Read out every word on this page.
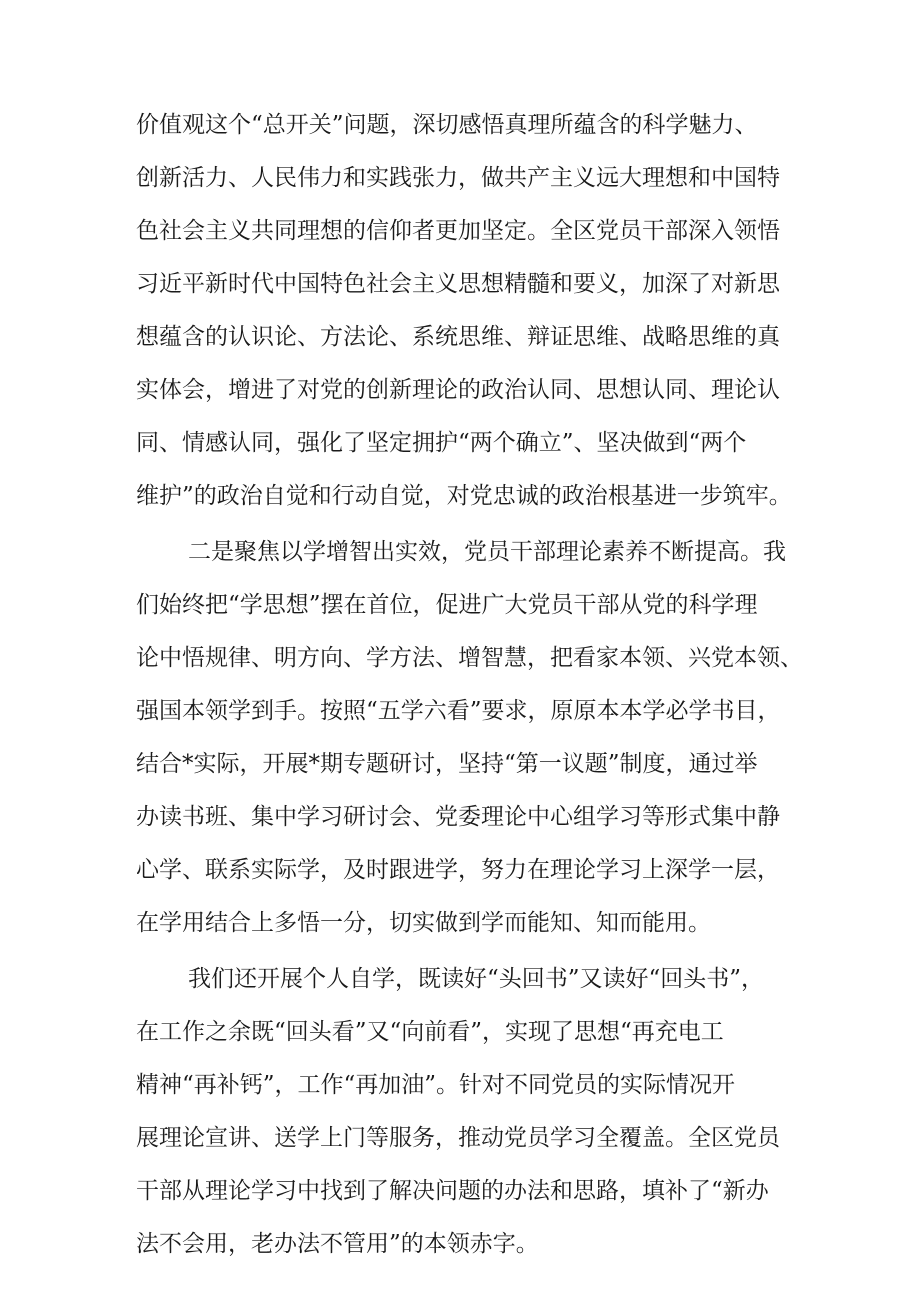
价值观这个“总开关”问题，深切感悟真理所蕴含的科学魅力、
创新活力、人民伟力和实践张力，做共产主义远大理想和中国特
色社会主义共同理想的信仰者更加坚定。全区党员干部深入领悟
习近平新时代中国特色社会主义思想精髓和要义，加深了对新思
想蕴含的认识论、方法论、系统思维、辩证思维、战略思维的真
实体会，增进了对党的创新理论的政治认同、思想认同、理论认
同、情感认同，强化了坚定拥护“两个确立”、坚决做到“两个
维护”的政治自觉和行动自觉，对党忠诚的政治根基进一步筑牢。
二是聚焦以学增智出实效，党员干部理论素养不断提高。我
们始终把“学思想”摆在首位，促进广大党员干部从党的科学理
论中悟规律、明方向、学方法、增智慧，把看家本领、兴党本领、
强国本领学到手。按照“五学六看”要求，原原本本学必学书目，
结合*实际，开展*期专题研讨，坚持“第一议题”制度，通过举
办读书班、集中学习研讨会、党委理论中心组学习等形式集中静
心学、联系实际学，及时跟进学，努力在理论学习上深学一层，
在学用结合上多悟一分，切实做到学而能知、知而能用。
我们还开展个人自学，既读好“头回书”又读好“回头书”，
在工作之余既“回头看”又“向前看”，实现了思想“再充电工
精神“再补钙”，工作“再加油”。针对不同党员的实际情况开
展理论宣讲、送学上门等服务，推动党员学习全覆盖。全区党员
干部从理论学习中找到了解决问题的办法和思路，填补了“新办
法不会用，老办法不管用”的本领赤字。
